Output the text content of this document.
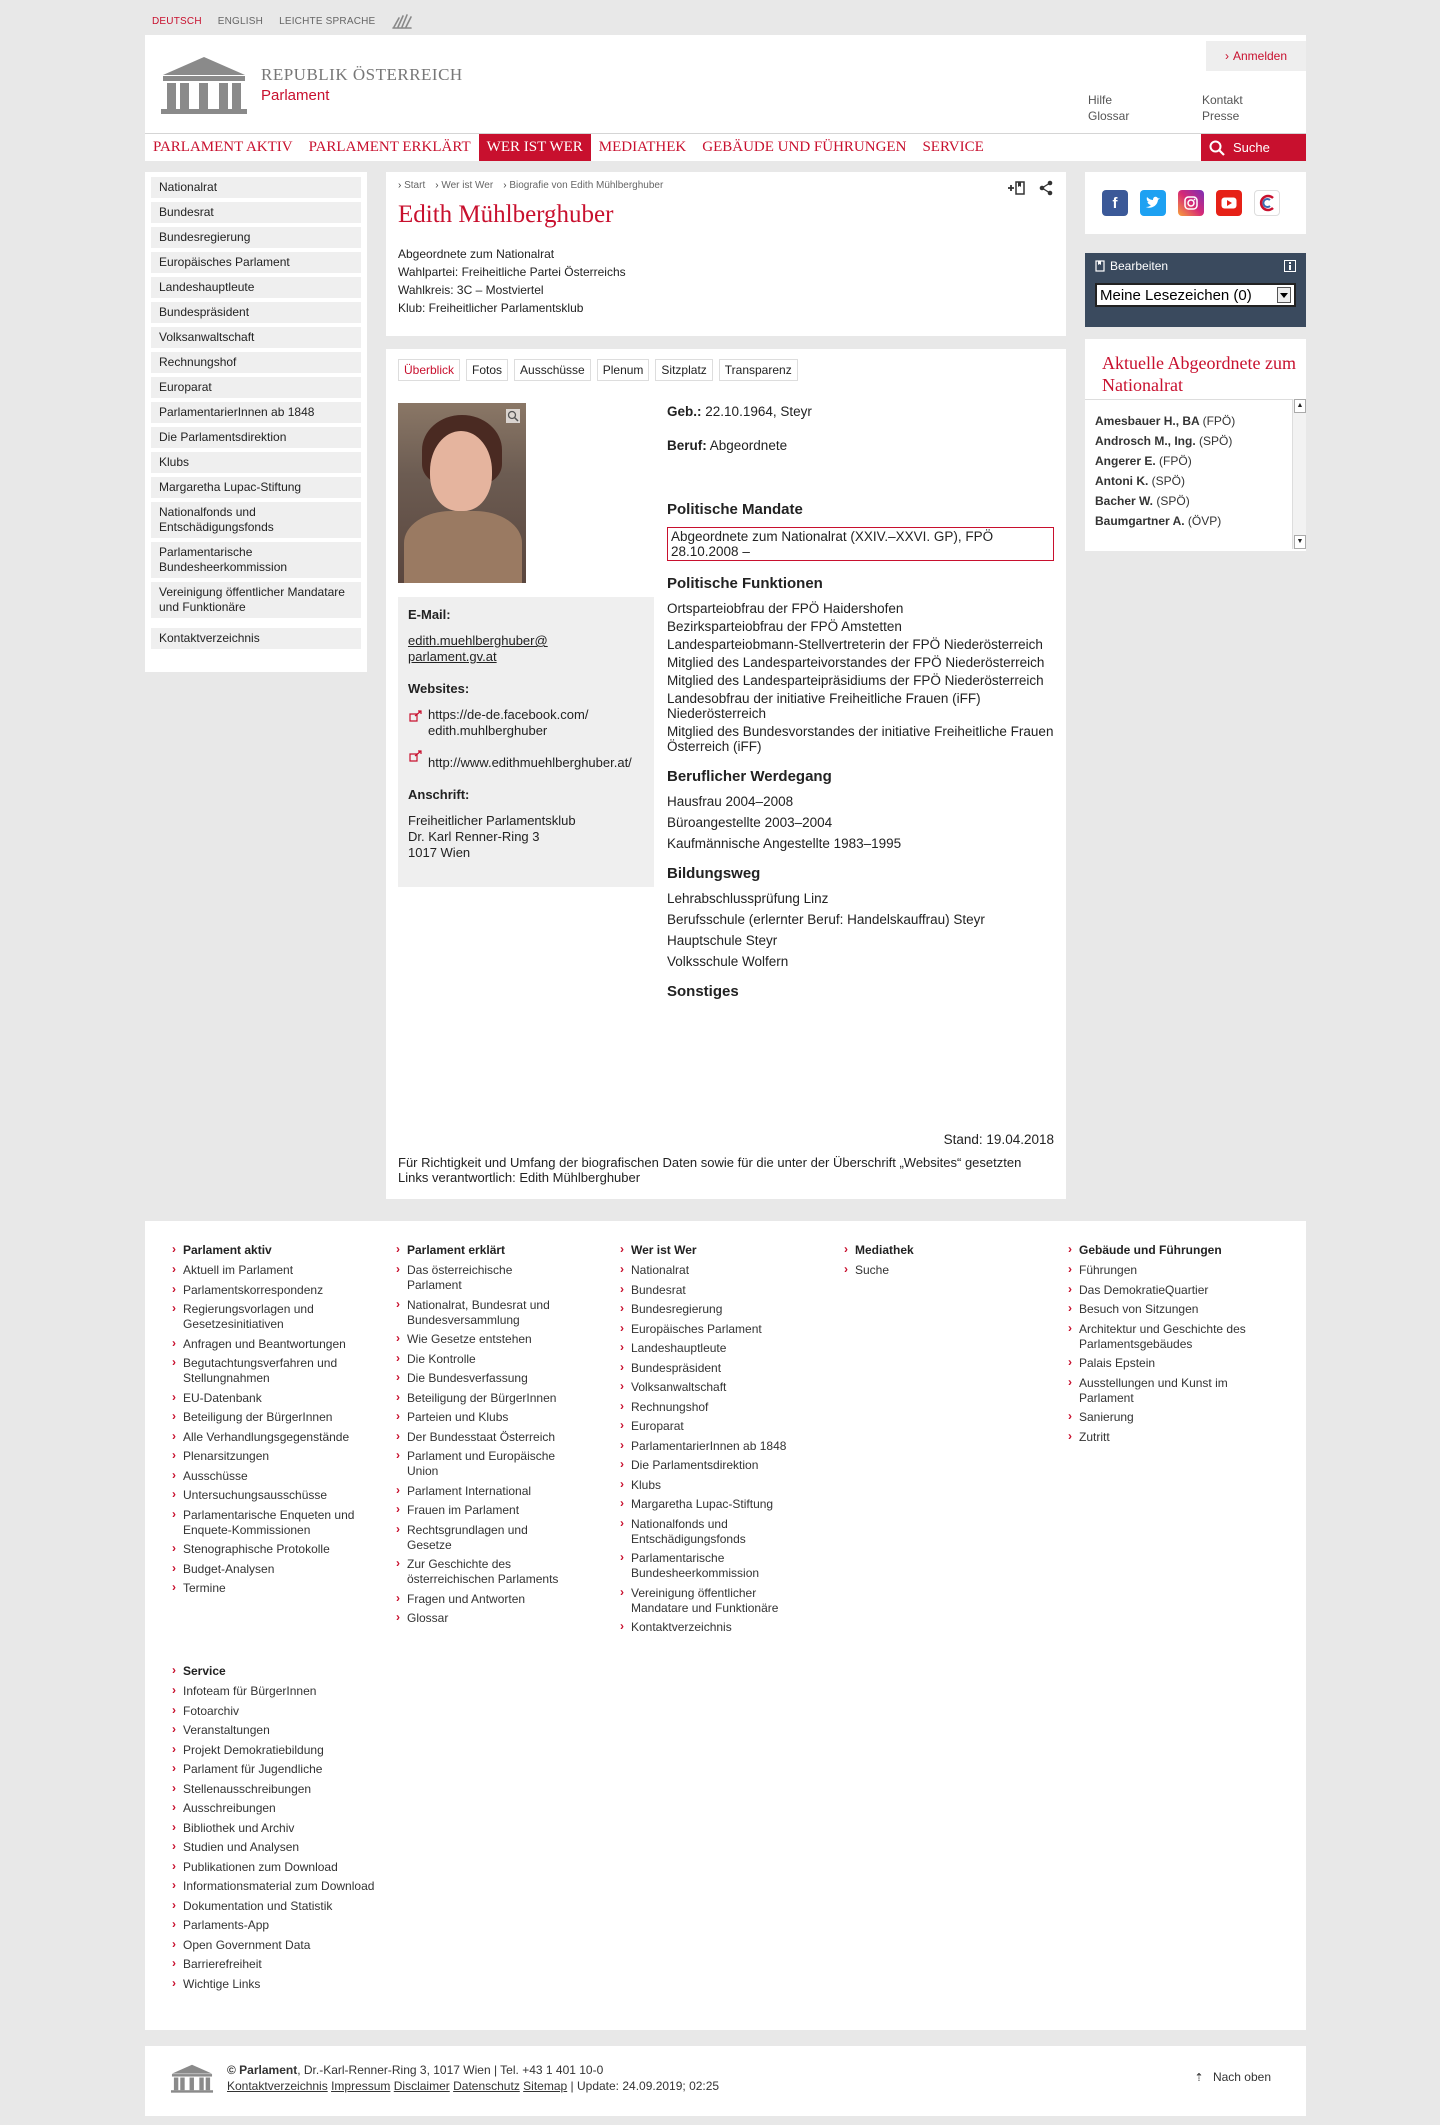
DEUTSCH ENGLISH LEICHTE SPRACHE
REPUBLIK ÖSTERREICH
Parlament
› Anmelden
Hilfe
Glossar
Kontakt
Presse
PARLAMENT AKTIV	PARLAMENT ERKLÄRT	WER IST WER	MEDIATHEK	GEBÄUDE UND FÜHRUNGEN	SERVICE	Suche
Nationalrat
Bundesrat
Bundesregierung
Europäisches Parlament
Landeshauptleute
Bundespräsident
Volksanwaltschaft
Rechnungshof
Europarat
ParlamentarierInnen ab 1848
Die Parlamentsdirektion
Klubs
Margaretha Lupac-Stiftung
Nationalfonds und Entschädigungsfonds
Parlamentarische Bundesheerkommission
Vereinigung öffentlicher Mandatare und Funktionäre
Kontaktverzeichnis
› Start	› Wer ist Wer	› Biografie von Edith Mühlberghuber
Edith Mühlberghuber
Abgeordnete zum Nationalrat
Wahlpartei: Freiheitliche Partei Österreichs
Wahlkreis: 3C – Mostviertel
Klub: Freiheitlicher Parlamentsklub
Überblick	Fotos	Ausschüsse	Plenum	Sitzplatz	Transparenz
E-Mail:
edith.muehlberghuber@
parlament.gv.at
Websites:
https://de-de.facebook.com/
edith.muhlberghuber
http://www.edithmuehlberghuber.at/
Anschrift:
Freiheitlicher Parlamentsklub
Dr. Karl Renner-Ring 3
1017 Wien
Geb.: 22.10.1964, Steyr
Beruf: Abgeordnete
Politische Mandate
Abgeordnete zum Nationalrat (XXIV.–XXVI. GP), FPÖ
28.10.2008 –
Politische Funktionen
Ortsparteiobfrau der FPÖ Haidershofen
Bezirksparteiobfrau der FPÖ Amstetten
Landesparteiobmann-Stellvertreterin der FPÖ Niederösterreich
Mitglied des Landesparteivorstandes der FPÖ Niederösterreich
Mitglied des Landesparteipräsidiums der FPÖ Niederösterreich
Landesobfrau der initiative Freiheitliche Frauen (iFF) Niederösterreich
Mitglied des Bundesvorstandes der initiative Freiheitliche Frauen Österreich (iFF)
Beruflicher Werdegang
Hausfrau 2004–2008
Büroangestellte 2003–2004
Kaufmännische Angestellte 1983–1995
Bildungsweg
Lehrabschlussprüfung Linz
Berufsschule (erlernter Beruf: Handelskauffrau) Steyr
Hauptschule Steyr
Volksschule Wolfern
Sonstiges
Stand: 19.04.2018
Für Richtigkeit und Umfang der biografischen Daten sowie für die unter der Überschrift „Websites“ gesetzten Links verantwortlich: Edith Mühlberghuber
f
Bearbeiten
Meine Lesezeichen (0)
Aktuelle Abgeordnete zum Nationalrat
Amesbauer H., BA (FPÖ)
Androsch M., Ing. (SPÖ)
Angerer E. (FPÖ)
Antoni K. (SPÖ)
Bacher W. (SPÖ)
Baumgartner A. (ÖVP)
▲
▼
› Parlament aktiv
› Aktuell im Parlament
› Parlamentskorrespondenz
› Regierungsvorlagen und Gesetzesinitiativen
› Anfragen und Beantwortungen
› Begutachtungsverfahren und Stellungnahmen
› EU-Datenbank
› Beteiligung der BürgerInnen
› Alle Verhandlungsgegenstände
› Plenarsitzungen
› Ausschüsse
› Untersuchungsausschüsse
› Parlamentarische Enqueten und Enquete-Kommissionen
› Stenographische Protokolle
› Budget-Analysen
› Termine
› Parlament erklärt
› Das österreichische Parlament
› Nationalrat, Bundesrat und Bundesversammlung
› Wie Gesetze entstehen
› Die Kontrolle
› Die Bundesverfassung
› Beteiligung der BürgerInnen
› Parteien und Klubs
› Der Bundesstaat Österreich
› Parlament und Europäische Union
› Parlament International
› Frauen im Parlament
› Rechtsgrundlagen und Gesetze
› Zur Geschichte des österreichischen Parlaments
› Fragen und Antworten
› Glossar
› Wer ist Wer
› Nationalrat
› Bundesrat
› Bundesregierung
› Europäisches Parlament
› Landeshauptleute
› Bundespräsident
› Volksanwaltschaft
› Rechnungshof
› Europarat
› ParlamentarierInnen ab 1848
› Die Parlamentsdirektion
› Klubs
› Margaretha Lupac-Stiftung
› Nationalfonds und Entschädigungsfonds
› Parlamentarische Bundesheerkommission
› Vereinigung öffentlicher Mandatare und Funktionäre
› Kontaktverzeichnis
› Mediathek
› Suche
› Gebäude und Führungen
› Führungen
› Das DemokratieQuartier
› Besuch von Sitzungen
› Architektur und Geschichte des Parlamentsgebäudes
› Palais Epstein
› Ausstellungen und Kunst im Parlament
› Sanierung
› Zutritt
› Service
› Infoteam für BürgerInnen
› Fotoarchiv
› Veranstaltungen
› Projekt Demokratiebildung
› Parlament für Jugendliche
› Stellenausschreibungen
› Ausschreibungen
› Bibliothek und Archiv
› Studien und Analysen
› Publikationen zum Download
› Informationsmaterial zum Download
› Dokumentation und Statistik
› Parlaments-App
› Open Government Data
› Barrierefreiheit
› Wichtige Links
© Parlament, Dr.-Karl-Renner-Ring 3, 1017 Wien | Tel. +43 1 401 10-0
Kontaktverzeichnis Impressum Disclaimer Datenschutz Sitemap | Update: 24.09.2019; 02:25
⇡ Nach oben
